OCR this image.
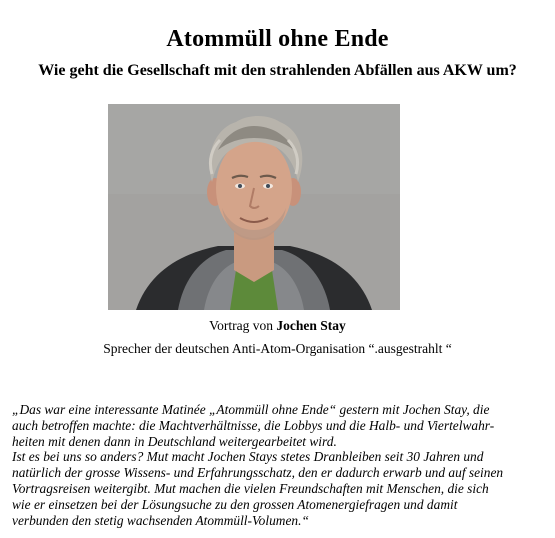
Atommüll ohne Ende
Wie geht die Gesellschaft mit den strahlenden Abfällen aus AKW um?

Vortrag von Jochen Stay

Sprecher der deutschen Anti-Atom-Organisation “.ausgestrahlt “

„Das war eine interessante Matinée „Atommüll ohne Ende“ gestern mit Jochen Stay, die
auch betroffen machte: die Machtverhältnisse, die Lobbys und die Halb- und Viertelwahr-
heiten mit denen dann in Deutschland weitergearbeitet wird.
Ist es bei uns so anders? Mut macht Jochen Stays stetes Dranbleiben seit 30 Jahren und
natürlich der grosse Wissens- und Erfahrungsschatz, den er dadurch erwarb und auf seinen
Vortragsreisen weitergibt. Mut machen die vielen Freundschaften mit Menschen, die sich
wie er einsetzen bei der Lösungsuche zu den grossen Atomenergiefragen und damit
verbunden den stetig wachsenden Atommüll-Volumen.“
